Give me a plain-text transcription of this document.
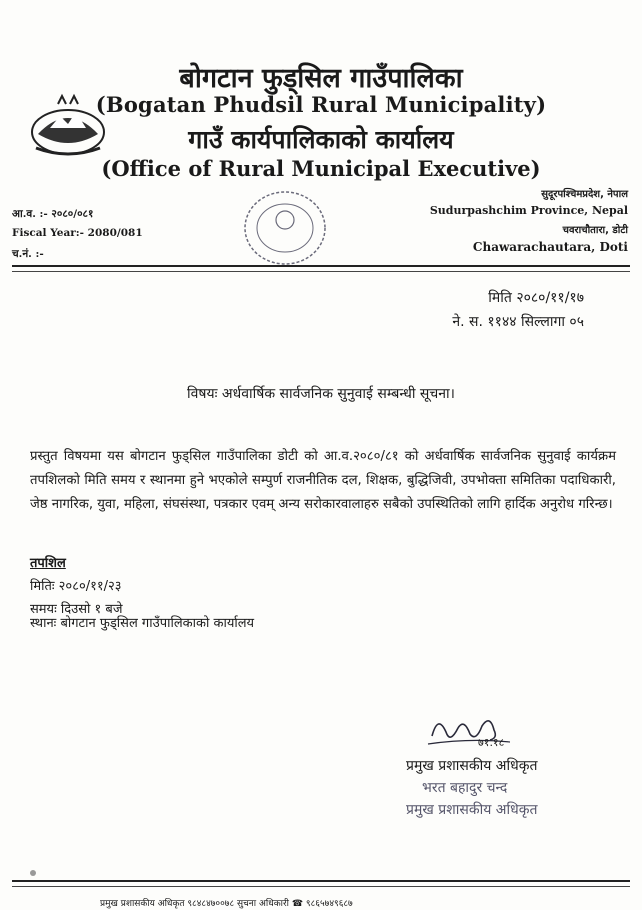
बोगटान फुड्सिल गाउँपालिका
(Bogatan Phudsil Rural Municipality)
गाउँ कार्यपालिकाको कार्यालय
(Office of Rural Municipal Executive)
आ.व. :- २०८०/०८१
Fiscal Year:- 2080/081
च.नं. :-
सुदूरपश्चिमप्रदेश, नेपाल
Sudurpashchim Province, Nepal
चवराचौतारा, डोटी
Chawarachautara, Doti
मिति २०८०/११/१७
ने. स. ११४४ सिल्लागा ०५
विषयः अर्धवार्षिक सार्वजनिक सुनुवाई सम्बन्धी सूचना।
प्रस्तुत विषयमा यस बोगटान फुड्सिल गाउँपालिका डोटी को आ.व.२०८०/८१ को अर्धवार्षिक सार्वजनिक सुनुवाई कार्यक्रम तपशिलको मिति समय र स्थानमा हुने भएकोले सम्पुर्ण राजनीतिक दल, शिक्षक, बुद्धिजिवी, उपभोक्ता समितिका पदाधिकारी, जेष्ठ नागरिक, युवा, महिला, संघसंस्था, पत्रकार एवम् अन्य सरोकारवालाहरु सबैको उपस्थितिको लागि हार्दिक अनुरोध गरिन्छ।
तपशिल
मितिः २०८०/११/२३
समयः दिउसो १ बजे
स्थानः बोगटान फुड्सिल गाउँपालिकाको कार्यालय
७१.१८
प्रमुख प्रशासकीय अधिकृत
भरत बहादुर चन्द
प्रमुख प्रशासकीय अधिकृत
प्रमुख प्रशासकीय अधिकृत ९८४८४७००७८ सुचना अधिकारी ☎ ९८६५७४९६८७
